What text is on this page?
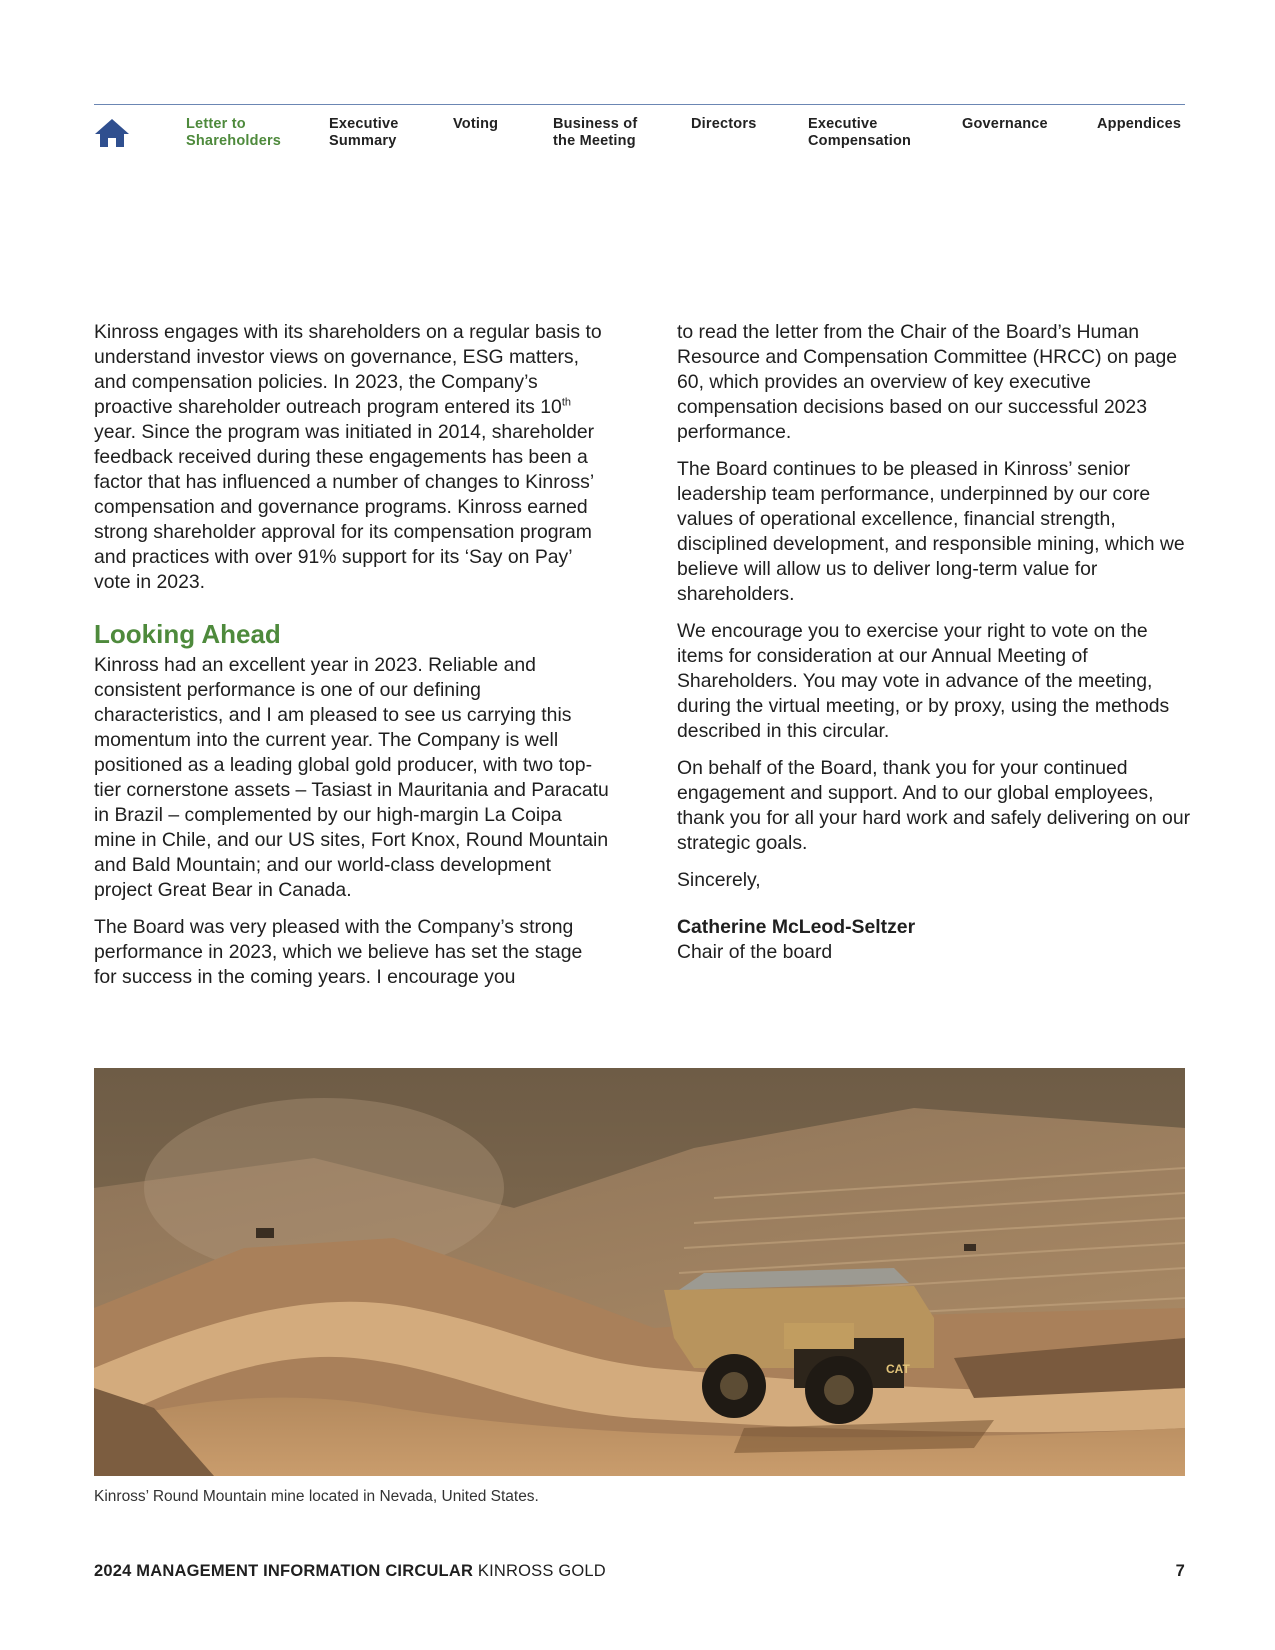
Letter to
Shareholders
Executive
Summary
Voting	Business of
the Meeting
Directors	Executive
Compensation
Governance	Appendices

Kinross engages with its shareholders on a regular basis to understand investor views on governance, ESG matters, and compensation policies. In 2023, the Company’s proactive shareholder outreach program entered its 10th year. Since the program was initiated in 2014, shareholder feedback received during these engagements has been a factor that has influenced a number of changes to Kinross’ compensation and governance programs. Kinross earned strong shareholder approval for its compensation program and practices with over 91% support for its ‘Say on Pay’ vote in 2023.

Looking Ahead

Kinross had an excellent year in 2023. Reliable and consistent performance is one of our defining characteristics, and I am pleased to see us carrying this momentum into the current year. The Company is well positioned as a leading global gold producer, with two top-tier cornerstone assets – Tasiast in Mauritania and Paracatu in Brazil – complemented by our high-margin La Coipa mine in Chile, and our US sites, Fort Knox, Round Mountain and Bald Mountain; and our world-class development project Great Bear in Canada.

The Board was very pleased with the Company’s strong performance in 2023, which we believe has set the stage for success in the coming years. I encourage you

to read the letter from the Chair of the Board’s Human Resource and Compensation Committee (HRCC) on page 60, which provides an overview of key executive compensation decisions based on our successful 2023 performance.

The Board continues to be pleased in Kinross’ senior leadership team performance, underpinned by our core values of operational excellence, financial strength, disciplined development, and responsible mining, which we believe will allow us to deliver long-term value for shareholders.

We encourage you to exercise your right to vote on the items for consideration at our Annual Meeting of Shareholders. You may vote in advance of the meeting, during the virtual meeting, or by proxy, using the methods described in this circular.

On behalf of the Board, thank you for your continued engagement and support. And to our global employees, thank you for all your hard work and safely delivering on our strategic goals.

Sincerely,

Catherine McLeod-Seltzer

Chair of the board

CAT
Kinross’ Round Mountain mine located in Nevada, United States.
2024 MANAGEMENT INFORMATION CIRCULAR KINROSS GOLD	7
